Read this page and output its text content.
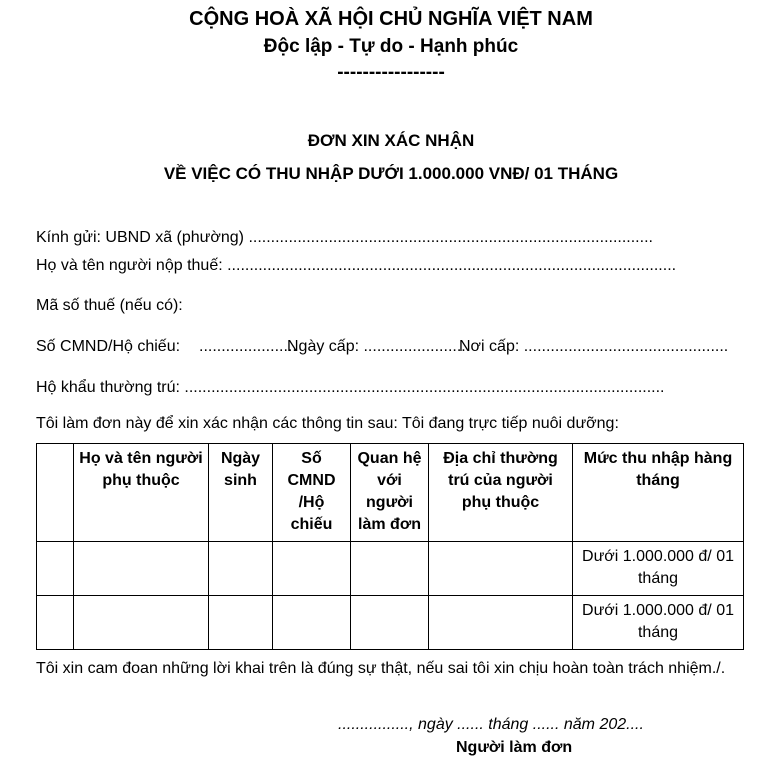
CỘNG HOÀ XÃ HỘI CHỦ NGHĨA VIỆT NAM
Độc lập - Tự do - Hạnh phúc
-----------------
ĐƠN XIN XÁC NHẬN
VỀ VIỆC CÓ THU NHẬP DƯỚI 1.000.000 VNĐ/ 01 THÁNG
Kính gửi: UBND xã (phường) ...........................................................................................
Họ và tên người nộp thuế: .....................................................................................................
Mã số thuế (nếu có):
Số CMND/Hộ chiếu: ......................
Ngày cấp: .......................
Nơi cấp: ..............................................
Hộ khẩu thường trú: ............................................................................................................
Tôi làm đơn này để xin xác nhận các thông tin sau: Tôi đang trực tiếp nuôi dưỡng:
	Họ và tên người phụ thuộc	Ngày sinh	Số CMND /Hộ chiếu	Quan hệ với người làm đơn	Địa chỉ thường trú của người phụ thuộc	Mức thu nhập hàng tháng
						Dưới 1.000.000 đ/ 01 tháng
						Dưới 1.000.000 đ/ 01 tháng
Tôi xin cam đoan những lời khai trên là đúng sự thật, nếu sai tôi xin chịu hoàn toàn trách nhiệm./.
................, ngày ...... tháng ...... năm 202....
Người làm đơn
